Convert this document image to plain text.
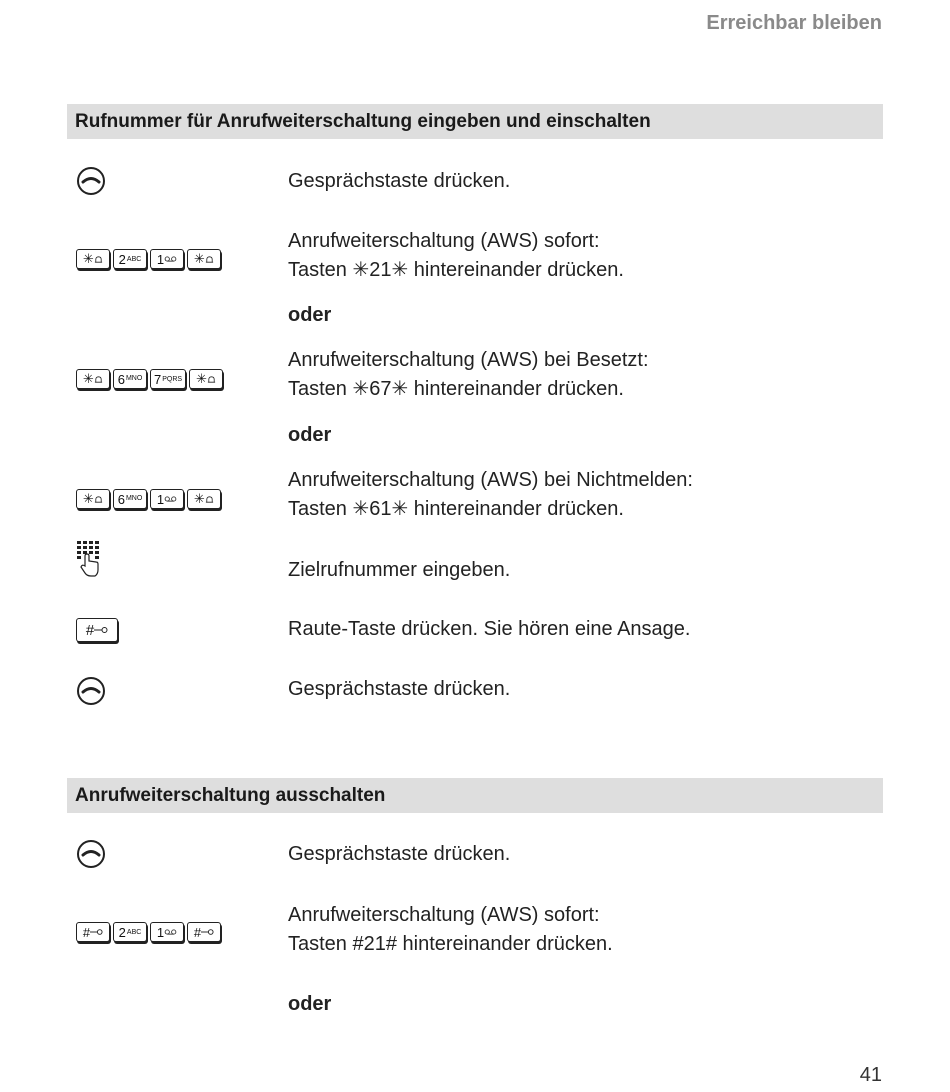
Erreichbar bleiben
Rufnummer für Anrufweiterschaltung eingeben und einschalten
Gesprächstaste drücken.
✳ 2 ABC 1 ✳
Anrufweiterschaltung (AWS) sofort:
Tasten ✳21✳ hintereinander drücken.
oder
✳ $6^{MNO}$ 7 PQRS ✳
Anrufweiterschaltung (AWS) bei Besetzt:
Tasten ✳67✳ hintereinander drücken.
oder
✳ $6^{MNO}$ 1 ✳
Anrufweiterschaltung (AWS) bei Nichtmelden:
Tasten ✳61✳ hintereinander drücken.
Zielrufnummer eingeben.
#	Raute-Taste drücken. Sie hören eine Ansage.
Gesprächstaste drücken.
Anrufweiterschaltung ausschalten
Gesprächstaste drücken.
# 2 ABC 1 #
Anrufweiterschaltung (AWS) sofort:
Tasten #21# hintereinander drücken.
oder
41
